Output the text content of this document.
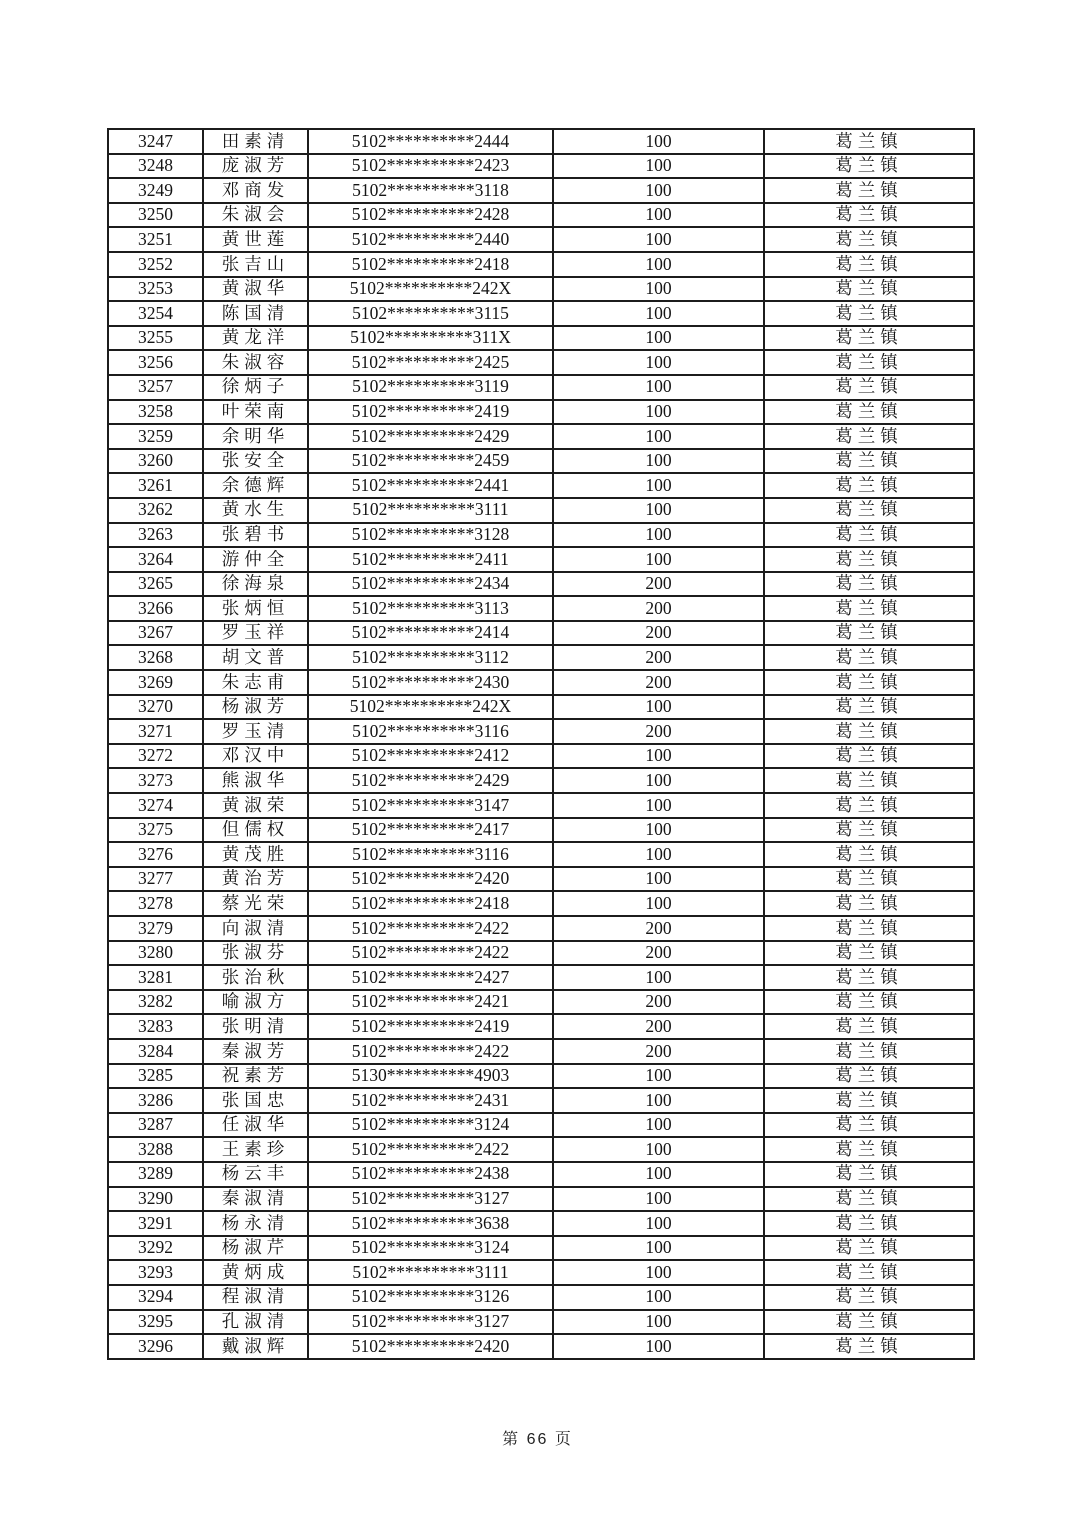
3247	田素清	5102**********2444	100	葛兰镇
3248	庞淑芳	5102**********2423	100	葛兰镇
3249	邓商发	5102**********3118	100	葛兰镇
3250	朱淑会	5102**********2428	100	葛兰镇
3251	黄世莲	5102**********2440	100	葛兰镇
3252	张吉山	5102**********2418	100	葛兰镇
3253	黄淑华	5102**********242X	100	葛兰镇
3254	陈国清	5102**********3115	100	葛兰镇
3255	黄龙洋	5102**********311X	100	葛兰镇
3256	朱淑容	5102**********2425	100	葛兰镇
3257	徐炳子	5102**********3119	100	葛兰镇
3258	叶荣南	5102**********2419	100	葛兰镇
3259	余明华	5102**********2429	100	葛兰镇
3260	张安全	5102**********2459	100	葛兰镇
3261	余德辉	5102**********2441	100	葛兰镇
3262	黄水生	5102**********3111	100	葛兰镇
3263	张碧书	5102**********3128	100	葛兰镇
3264	游仲全	5102**********2411	100	葛兰镇
3265	徐海泉	5102**********2434	200	葛兰镇
3266	张炳恒	5102**********3113	200	葛兰镇
3267	罗玉祥	5102**********2414	200	葛兰镇
3268	胡文普	5102**********3112	200	葛兰镇
3269	朱志甫	5102**********2430	200	葛兰镇
3270	杨淑芳	5102**********242X	100	葛兰镇
3271	罗玉清	5102**********3116	200	葛兰镇
3272	邓汉中	5102**********2412	100	葛兰镇
3273	熊淑华	5102**********2429	100	葛兰镇
3274	黄淑荣	5102**********3147	100	葛兰镇
3275	但儒权	5102**********2417	100	葛兰镇
3276	黄茂胜	5102**********3116	100	葛兰镇
3277	黄治芳	5102**********2420	100	葛兰镇
3278	蔡光荣	5102**********2418	100	葛兰镇
3279	向淑清	5102**********2422	200	葛兰镇
3280	张淑芬	5102**********2422	200	葛兰镇
3281	张治秋	5102**********2427	100	葛兰镇
3282	喻淑方	5102**********2421	200	葛兰镇
3283	张明清	5102**********2419	200	葛兰镇
3284	秦淑芳	5102**********2422	200	葛兰镇
3285	祝素芳	5130**********4903	100	葛兰镇
3286	张国忠	5102**********2431	100	葛兰镇
3287	任淑华	5102**********3124	100	葛兰镇
3288	王素珍	5102**********2422	100	葛兰镇
3289	杨云丰	5102**********2438	100	葛兰镇
3290	秦淑清	5102**********3127	100	葛兰镇
3291	杨永清	5102**********3638	100	葛兰镇
3292	杨淑芹	5102**********3124	100	葛兰镇
3293	黄炳成	5102**********3111	100	葛兰镇
3294	程淑清	5102**********3126	100	葛兰镇
3295	孔淑清	5102**********3127	100	葛兰镇
3296	戴淑辉	5102**********2420	100	葛兰镇
第 66 页
